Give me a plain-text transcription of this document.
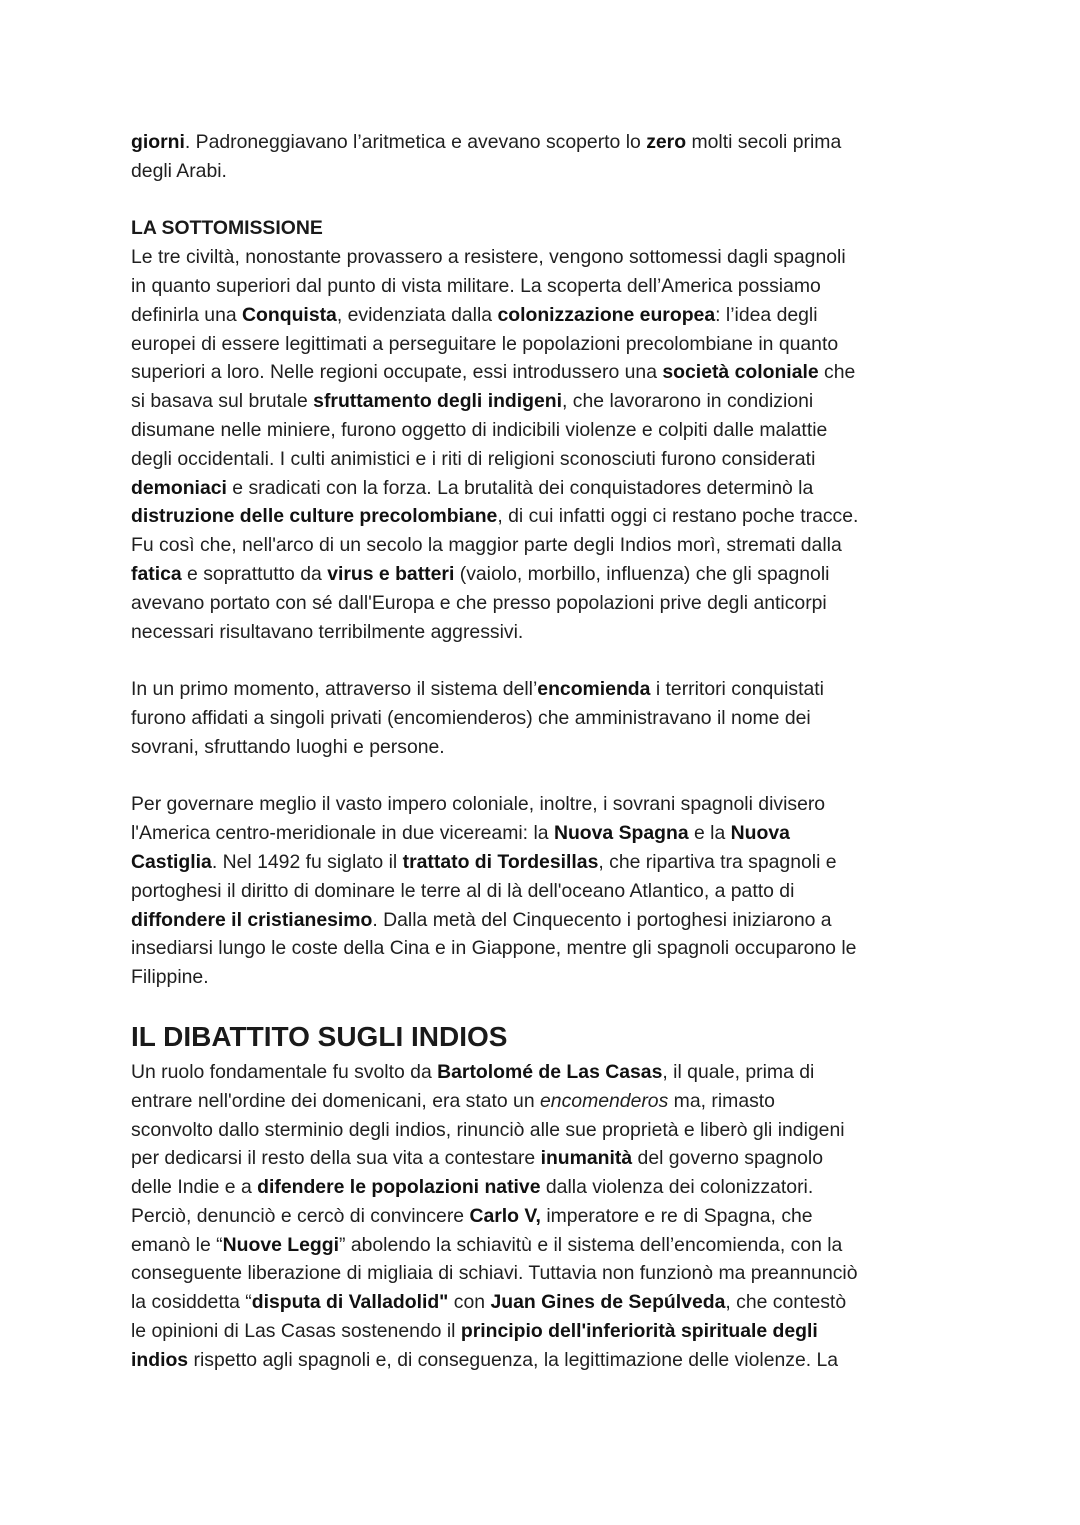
giorni. Padroneggiavano l’aritmetica e avevano scoperto lo zero molti secoli prima
degli Arabi.
LA SOTTOMISSIONE
Le tre civiltà, nonostante provassero a resistere, vengono sottomessi dagli spagnoli
in quanto superiori dal punto di vista militare. La scoperta dell’America possiamo
definirla una Conquista, evidenziata dalla colonizzazione europea: l’idea degli
europei di essere legittimati a perseguitare le popolazioni precolombiane in quanto
superiori a loro. Nelle regioni occupate, essi introdussero una società coloniale che
si basava sul brutale sfruttamento degli indigeni, che lavorarono in condizioni
disumane nelle miniere, furono oggetto di indicibili violenze e colpiti dalle malattie
degli occidentali. I culti animistici e i riti di religioni sconosciuti furono considerati
demoniaci e sradicati con la forza. La brutalità dei conquistadores determinò la
distruzione delle culture precolombiane, di cui infatti oggi ci restano poche tracce.
Fu così che, nell'arco di un secolo la maggior parte degli Indios morì, stremati dalla
fatica e soprattutto da virus e batteri (vaiolo, morbillo, influenza) che gli spagnoli
avevano portato con sé dall'Europa e che presso popolazioni prive degli anticorpi
necessari risultavano terribilmente aggressivi.
In un primo momento, attraverso il sistema dell’encomienda i territori conquistati
furono affidati a singoli privati (encomienderos) che amministravano il nome dei
sovrani, sfruttando luoghi e persone.
Per governare meglio il vasto impero coloniale, inoltre, i sovrani spagnoli divisero
l'America centro-meridionale in due vicereami: la Nuova Spagna e la Nuova
Castiglia. Nel 1492 fu siglato il trattato di Tordesillas, che ripartiva tra spagnoli e
portoghesi il diritto di dominare le terre al di là dell'oceano Atlantico, a patto di
diffondere il cristianesimo. Dalla metà del Cinquecento i portoghesi iniziarono a
insediarsi lungo le coste della Cina e in Giappone, mentre gli spagnoli occuparono le
Filippine.
IL DIBATTITO SUGLI INDIOS
Un ruolo fondamentale fu svolto da Bartolomé de Las Casas, il quale, prima di
entrare nell'ordine dei domenicani, era stato un encomenderos ma, rimasto
sconvolto dallo sterminio degli indios, rinunciò alle sue proprietà e liberò gli indigeni
per dedicarsi il resto della sua vita a contestare inumanità del governo spagnolo
delle Indie e a difendere le popolazioni native dalla violenza dei colonizzatori.
Perciò, denunciò e cercò di convincere Carlo V, imperatore e re di Spagna, che
emanò le “Nuove Leggi” abolendo la schiavitù e il sistema dell’encomienda, con la
conseguente liberazione di migliaia di schiavi. Tuttavia non funzionò ma preannunciò
la cosiddetta “disputa di Valladolid" con Juan Gines de Sepúlveda, che contestò
le opinioni di Las Casas sostenendo il principio dell'inferiorità spirituale degli
indios rispetto agli spagnoli e, di conseguenza, la legittimazione delle violenze. La
